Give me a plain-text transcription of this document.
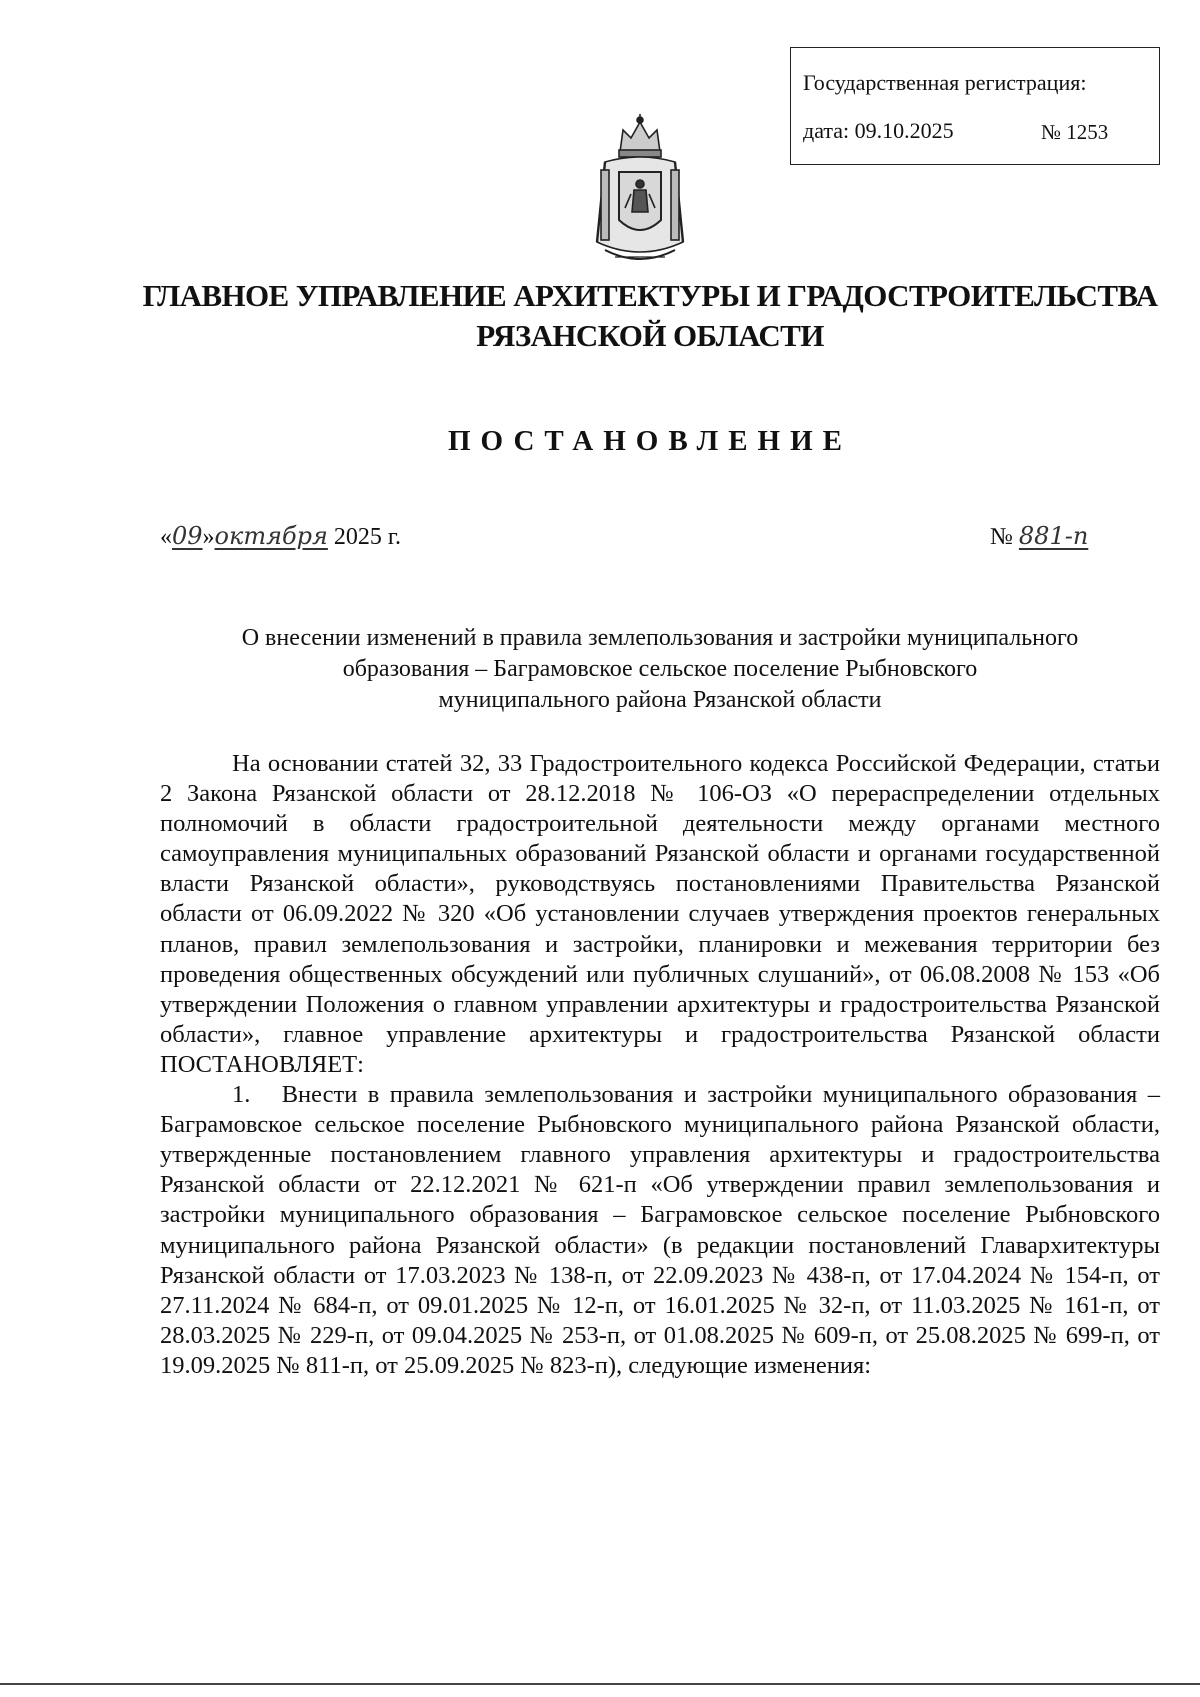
Государственная регистрация:
дата: 09.10.2025	№ 1253
ГЛАВНОЕ УПРАВЛЕНИЕ АРХИТЕКТУРЫ И ГРАДОСТРОИТЕЛЬСТВА
РЯЗАНСКОЙ ОБЛАСТИ
ПОСТАНОВЛЕНИЕ
«09»октября 2025 г.	№ 881-п
О внесении изменений в правила землепользования и застройки муниципального
образования – Баграмовское сельское поселение Рыбновского
муниципального района Рязанской области

На основании статей 32, 33 Градостроительного кодекса Российской Федерации, статьи 2 Закона Рязанской области от 28.12.2018 № 106-ОЗ «О перераспределении отдельных полномочий в области градостроительной деятельности между органами местного самоуправления муниципальных образований Рязанской области и органами государственной власти Рязанской области», руководствуясь постановлениями Правительства Рязанской области от 06.09.2022 № 320 «Об установлении случаев утверждения проектов генеральных планов, правил землепользования и застройки, планировки и межевания территории без проведения общественных обсуждений или публичных слушаний», от 06.08.2008 № 153 «Об утверждении Положения о главном управлении архитектуры и градостроительства Рязанской области», главное управление архитектуры и градостроительства Рязанской области ПОСТАНОВЛЯЕТ:

1.   Внести в правила землепользования и застройки муниципального образования – Баграмовское сельское поселение Рыбновского муниципального района Рязанской области, утвержденные постановлением главного управления архитектуры и градостроительства Рязанской области от 22.12.2021 № 621-п «Об утверждении правил землепользования и застройки муниципального образования – Баграмовское сельское поселение Рыбновского муниципального района Рязанской области» (в редакции постановлений Главархитектуры Рязанской области от 17.03.2023 № 138-п, от 22.09.2023 № 438-п, от 17.04.2024 № 154-п, от 27.11.2024 № 684-п, от 09.01.2025 № 12-п, от 16.01.2025 № 32-п, от 11.03.2025 № 161-п, от 28.03.2025 № 229-п, от 09.04.2025 № 253-п, от 01.08.2025 № 609-п, от 25.08.2025 № 699-п, от 19.09.2025 № 811-п, от 25.09.2025 № 823-п), следующие изменения:
